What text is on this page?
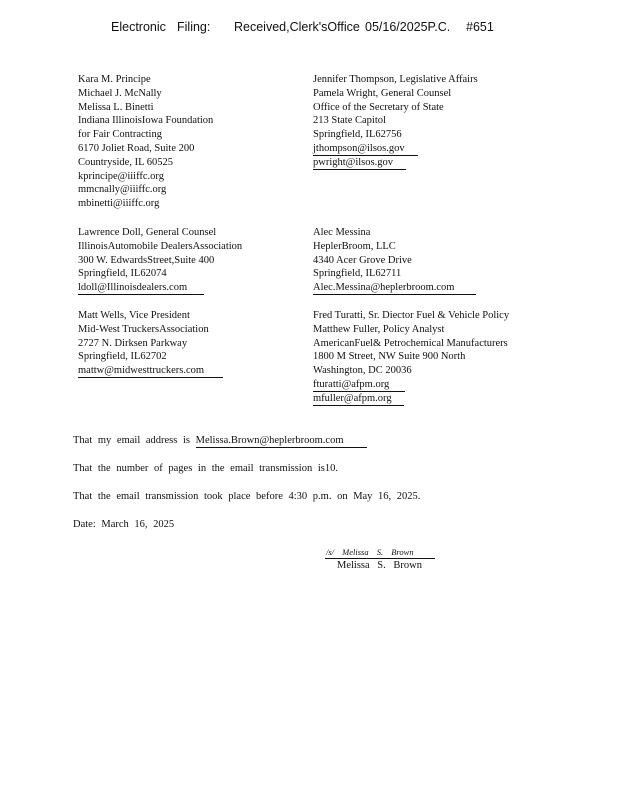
Electronic Filing: Received,Clerk'sOffice 05/16/2025P.C. #651
Kara M. Principe
Michael J. McNally
Melissa L. Binetti
Indiana IllinoisIowa Foundation
for Fair Contracting
6170 Joliet Road, Suite 200
Countryside, IL 60525
kprincipe@iiiffc.org
mmcnally@iiiffc.org
mbinetti@iiiffc.org
Lawrence Doll, General Counsel
IllinoisAutomobile DealersAssociation
300 W. EdwardsStreet,Suite 400
Springfield, IL62074
ldoll@Illinoisdealers.com
Matt Wells, Vice President
Mid-West TruckersAssociation
2727 N. Dirksen Parkway
Springfield, IL62702
mattw@midwesttruckers.com
Jennifer Thompson, Legislative Affairs
Pamela Wright, General Counsel
Office of the Secretary of State
213 State Capitol
Springfield, IL62756
jthompson@ilsos.gov
pwright@ilsos.gov
Alec Messina
HeplerBroom, LLC
4340 Acer Grove Drive
Springfield, IL62711
Alec.Messina@heplerbroom.com
Fred Turatti, Sr. Diector Fuel & Vehicle Policy
Matthew Fuller, Policy Analyst
AmericanFuel& Petrochemical Manufacturers
1800 M Street, NW Suite 900 North
Washington, DC 20036
fturatti@afpm.org
mfuller@afpm.org
That my email address is Melissa.Brown@heplerbroom.com
That the number of pages in the email transmission is10.
That the email transmission took place before 4:30 p.m. on May 16, 2025.
Date: March 16, 2025
/s/ Melissa S. Brown
Melissa S. Brown
